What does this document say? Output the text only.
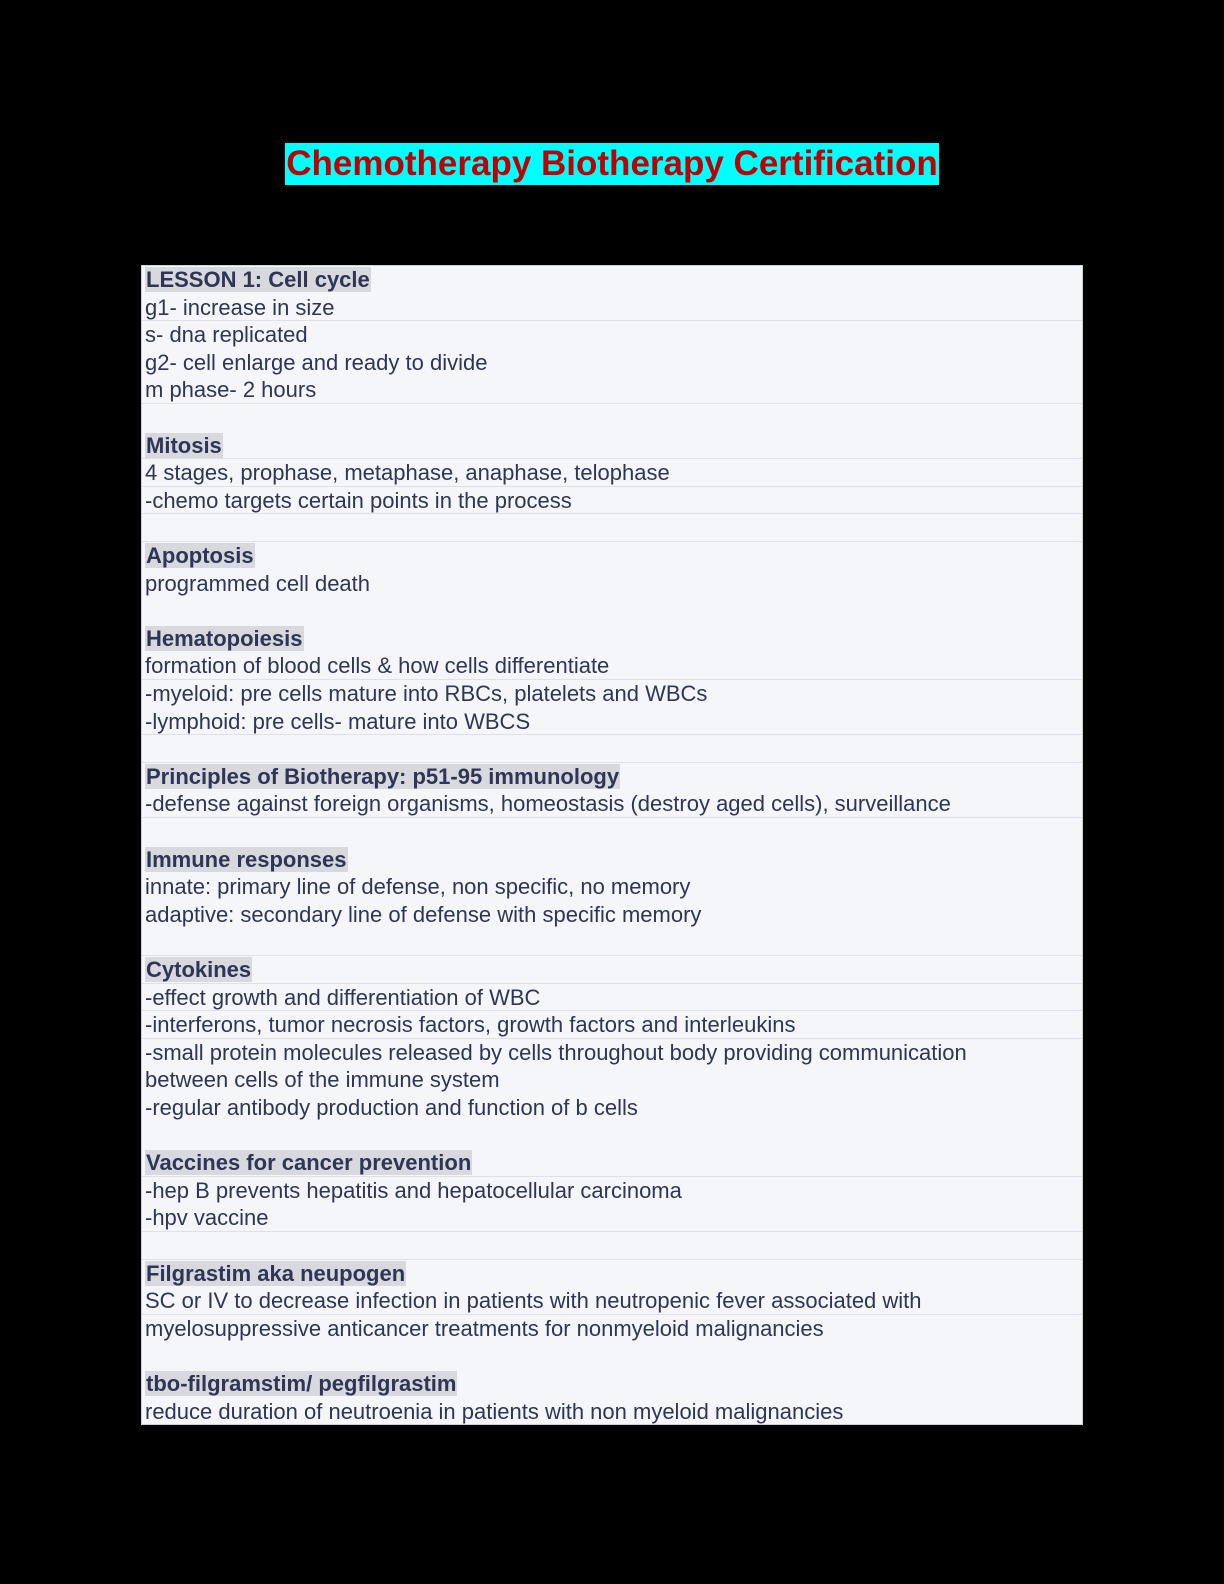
Chemotherapy Biotherapy Certification
LESSON 1: Cell cycle
g1- increase in size
s- dna replicated
g2- cell enlarge and ready to divide
m phase- 2 hours
Mitosis
4 stages, prophase, metaphase, anaphase, telophase
-chemo targets certain points in the process
Apoptosis
programmed cell death
Hematopoiesis
formation of blood cells & how cells differentiate
-myeloid: pre cells mature into RBCs, platelets and WBCs
-lymphoid: pre cells- mature into WBCS
Principles of Biotherapy: p51-95 immunology
-defense against foreign organisms, homeostasis (destroy aged cells), surveillance
Immune responses
innate: primary line of defense, non specific, no memory
adaptive: secondary line of defense with specific memory
Cytokines
-effect growth and differentiation of WBC
-interferons, tumor necrosis factors, growth factors and interleukins
-small protein molecules released by cells throughout body providing communication
between cells of the immune system
-regular antibody production and function of b cells
Vaccines for cancer prevention
-hep B prevents hepatitis and hepatocellular carcinoma
-hpv vaccine
Filgrastim aka neupogen
SC or IV to decrease infection in patients with neutropenic fever associated with
myelosuppressive anticancer treatments for nonmyeloid malignancies
tbo-filgramstim/ pegfilgrastim
reduce duration of neutroenia in patients with non myeloid malignancies
